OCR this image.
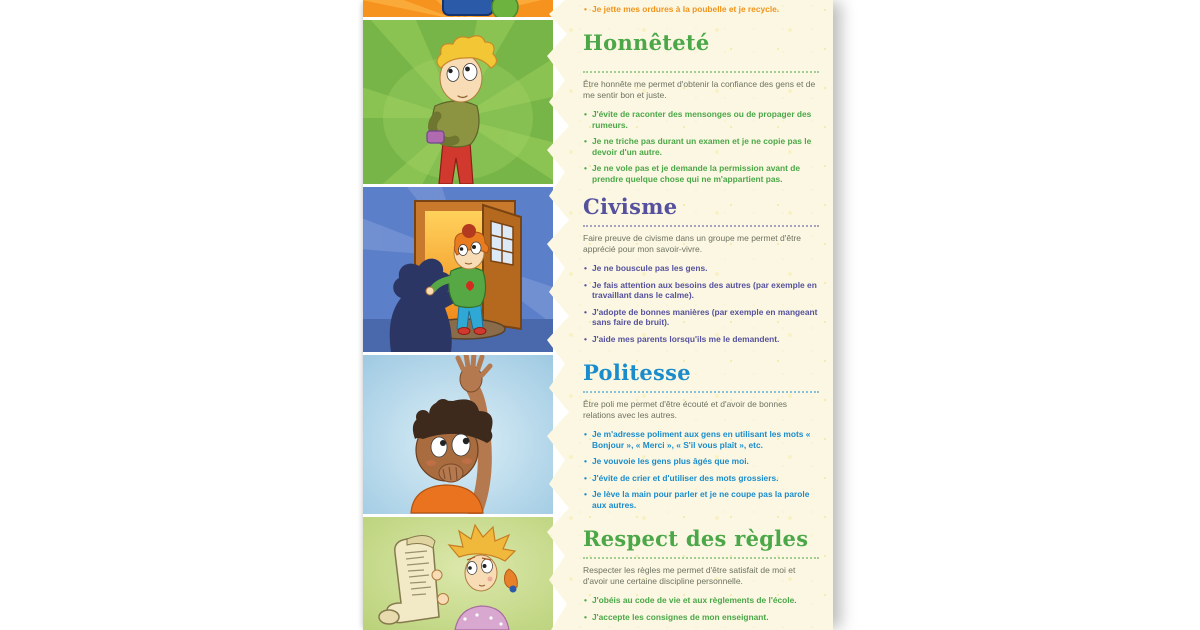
• Je jette mes ordures à la poubelle et je recycle.
Honnêteté

Être honnête me permet d'obtenir la confiance des gens et de me sentir bon et juste.

• J'évite de raconter des mensonges ou de propager des rumeurs.
• Je ne triche pas durant un examen et je ne copie pas le devoir d'un autre.
• Je ne vole pas et je demande la permission avant de prendre quelque chose qui ne m'appartient pas.
Civisme

Faire preuve de civisme dans un groupe me permet d'être apprécié pour mon savoir-vivre.

• Je ne bouscule pas les gens.
• Je fais attention aux besoins des autres (par exemple en travaillant dans le calme).
• J'adopte de bonnes manières (par exemple en mangeant sans faire de bruit).
• J'aide mes parents lorsqu'ils me le demandent.
Politesse

Être poli me permet d'être écouté et d'avoir de bonnes relations avec les autres.

• Je m'adresse poliment aux gens en utilisant les mots « Bonjour », « Merci », « S'il vous plaît », etc.
• Je vouvoie les gens plus âgés que moi.
• J'évite de crier et d'utiliser des mots grossiers.
• Je lève la main pour parler et je ne coupe pas la parole aux autres.
Respect des règles

Respecter les règles me permet d'être satisfait de moi et d'avoir une certaine discipline personnelle.

• J'obéis au code de vie et aux règlements de l'école.
• J'accepte les consignes de mon enseignant.
